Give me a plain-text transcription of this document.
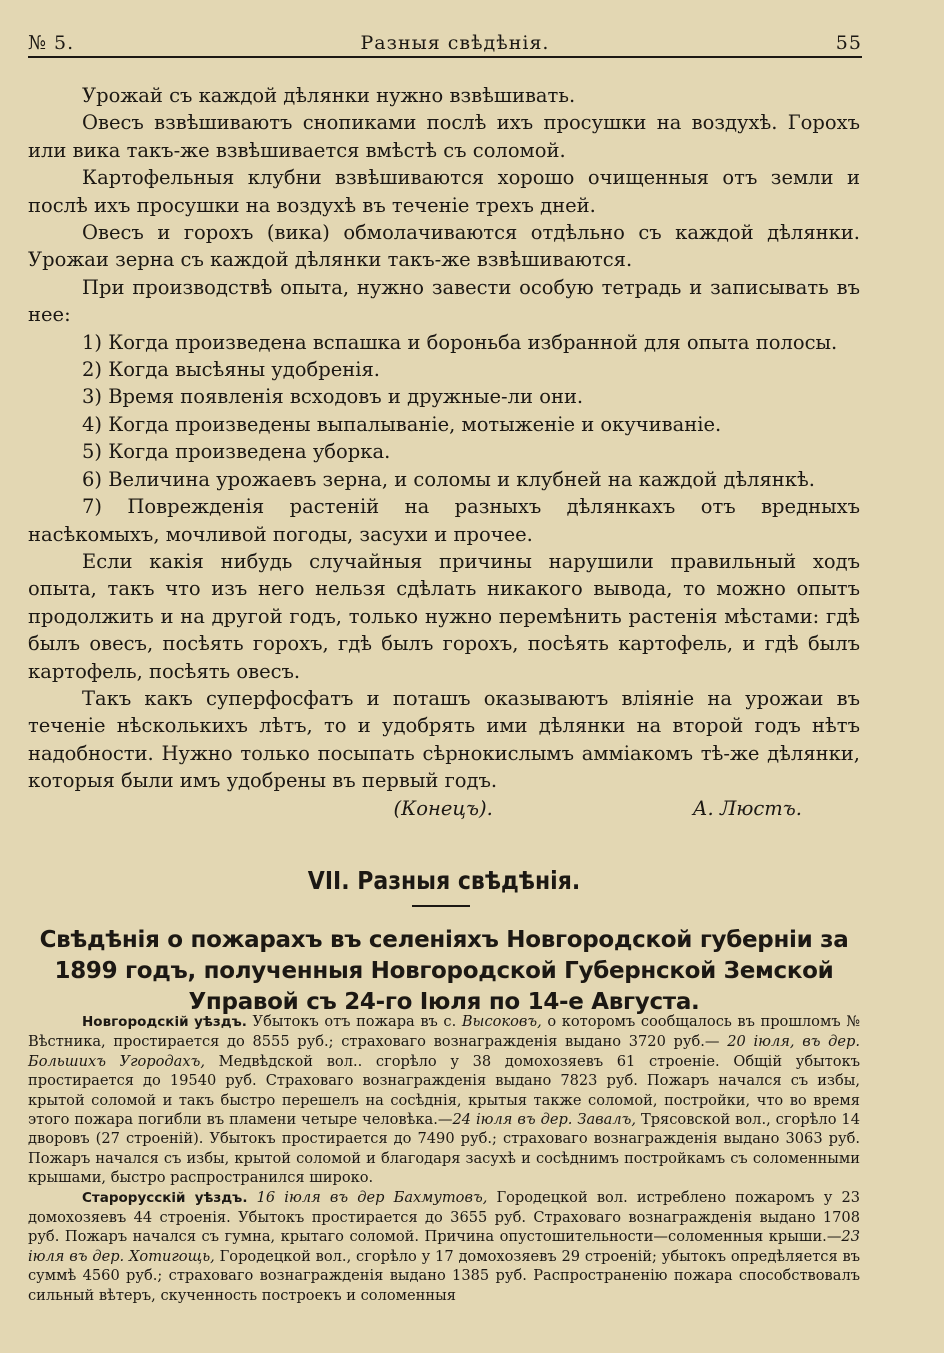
№ 5.	Разныя свѣдѣнія.	55

Урожай съ каждой дѣлянки нужно взвѣшивать.

Овесъ взвѣшиваютъ снопиками послѣ ихъ просушки на воздухѣ. Горохъ или вика такъ-же взвѣшивается вмѣстѣ съ соломой.

Картофельныя клубни взвѣшиваются хорошо очищенныя отъ земли и послѣ ихъ просушки на воздухѣ въ теченіе трехъ дней.

Овесъ и горохъ (вика) обмолачиваются отдѣльно съ каждой дѣлянки. Урожаи зерна съ каждой дѣлянки такъ-же взвѣшиваются.

При производствѣ опыта, нужно завести особую тетрадь и записывать въ нее:

1) Когда произведена вспашка и бороньба избранной для опыта полосы.

2) Когда высѣяны удобренія.

3) Время появленія всходовъ и дружные-ли они.

4) Когда произведены выпалываніе, мотыженіе и окучиваніе.

5) Когда произведена уборка.

6) Величина урожаевъ зерна, и соломы и клубней на каждой дѣлянкѣ.

7) Поврежденія растеній на разныхъ дѣлянкахъ отъ вредныхъ насѣкомыхъ, мочливой погоды, засухи и прочее.

Если какія нибудь случайныя причины нарушили правильный ходъ опыта, такъ что изъ него нельзя сдѣлать никакого вывода, то можно опытъ продолжить и на другой годъ, только нужно перемѣнить растенія мѣстами: гдѣ былъ овесъ, посѣять горохъ, гдѣ былъ горохъ, посѣять картофель, и гдѣ былъ картофель, посѣять овесъ.

Такъ какъ суперфосфатъ и поташъ оказываютъ вліяніе на урожаи въ теченіе нѣсколькихъ лѣтъ, то и удобрять ими дѣлянки на второй годъ нѣтъ надобности. Нужно только посыпать сѣрнокислымъ аммiакомъ тѣ-же дѣлянки, которыя были имъ удобрены въ первый годъ.

(Конецъ).	А. Люстъ.
VII. Разныя свѣдѣнія.
Свѣдѣнія о пожарахъ въ селеніяхъ Новгородской губерніи за 1899 годъ, полученныя Новгородской Губернской Земской Управой съ 24-го Іюля по 14-е Августа.

Новгородскій уѣздъ. Убытокъ отъ пожара въ с. Высоковъ, о которомъ сообщалось въ прошломъ № Вѣстника, простирается до 8555 руб.; страховаго вознагражденія выдано 3720 руб.— 20 іюля, въ дер. Большихъ Угородахъ, Медвѣдской вол.. сгорѣло у 38 домохозяевъ 61 строеніе. Общій убытокъ простирается до 19540 руб. Страховаго вознагражденія выдано 7823 руб. Пожаръ начался съ избы, крытой соломой и такъ быстро перешелъ на сосѣднія, крытыя также соломой, постройки, что во время этого пожара погибли въ пламени четыре человѣка.—24 іюля въ дер. Завалъ, Трясовской вол., сгорѣло 14 дворовъ (27 строеній). Убытокъ простирается до 7490 руб.; страховаго вознагражденія выдано 3063 руб. Пожаръ начался съ избы, крытой соломой и благодаря засухѣ и сосѣднимъ постройкамъ съ соломенными крышами, быстро распространился широко.

Старорусскій уѣздъ. 16 іюля въ дер Бахмутовъ, Городецкой вол. истреблено пожаромъ у 23 домохозяевъ 44 строенія. Убытокъ простирается до 3655 руб. Страховаго вознагражденія выдано 1708 руб. Пожаръ начался съ гумна, крытаго соломой. Причина опустошительности—соломенныя крыши.—23 іюля въ дер. Хотигощь, Городецкой вол., сгорѣло у 17 домохозяевъ 29 строеній; убытокъ опредѣляется въ суммѣ 4560 руб.; страховаго вознагражденія выдано 1385 руб. Распространенію пожара способствовалъ сильный вѣтеръ, скученность построекъ и соломенныя
